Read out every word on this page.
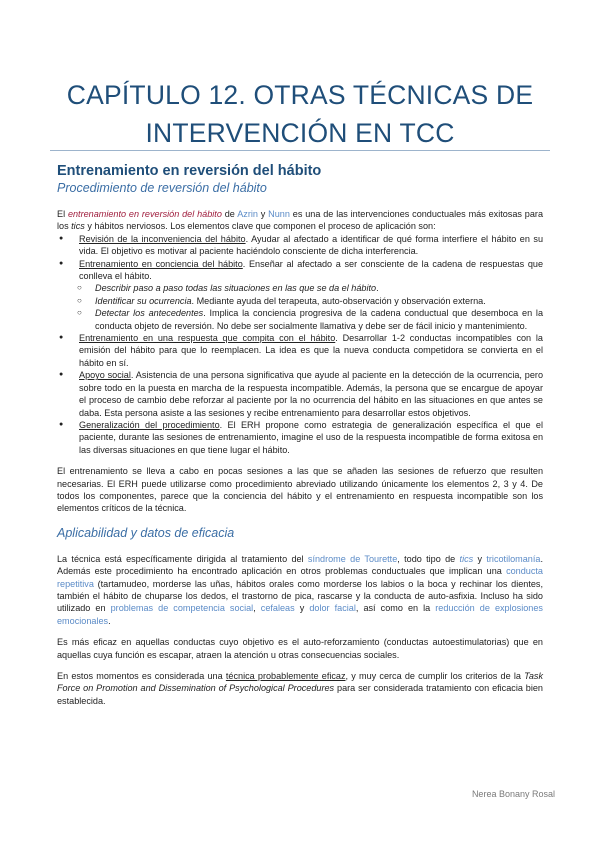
CAPÍTULO 12. OTRAS TÉCNICAS DE INTERVENCIÓN EN TCC
Entrenamiento en reversión del hábito
Procedimiento de reversión del hábito

El entrenamiento en reversión del hábito de Azrin y Nunn es una de las intervenciones conductuales más exitosas para los tics y hábitos nerviosos. Los elementos clave que componen el proceso de aplicación son:

● Revisión de la inconveniencia del hábito. Ayudar al afectado a identificar de qué forma interfiere el hábito en su vida. El objetivo es motivar al paciente haciéndolo consciente de dicha interferencia.
● Entrenamiento en conciencia del hábito. Enseñar al afectado a ser consciente de la cadena de respuestas que conlleva el hábito.
○ Describir paso a paso todas las situaciones en las que se da el hábito.
○ Identificar su ocurrencia. Mediante ayuda del terapeuta, auto-observación y observación externa.
○ Detectar los antecedentes. Implica la conciencia progresiva de la cadena conductual que desemboca en la conducta objeto de reversión. No debe ser socialmente llamativa y debe ser de fácil inicio y mantenimiento.
● Entrenamiento en una respuesta que compita con el hábito. Desarrollar 1-2 conductas incompatibles con la emisión del hábito para que lo reemplacen. La idea es que la nueva conducta competidora se convierta en el hábito en sí.
● Apoyo social. Asistencia de una persona significativa que ayude al paciente en la detección de la ocurrencia, pero sobre todo en la puesta en marcha de la respuesta incompatible. Además, la persona que se encargue de apoyar el proceso de cambio debe reforzar al paciente por la no ocurrencia del hábito en las situaciones en que antes se daba. Esta persona asiste a las sesiones y recibe entrenamiento para desarrollar estos objetivos.
● Generalización del procedimiento. El ERH propone como estrategia de generalización específica el que el paciente, durante las sesiones de entrenamiento, imagine el uso de la respuesta incompatible de forma exitosa en las diversas situaciones en que tiene lugar el hábito.

El entrenamiento se lleva a cabo en pocas sesiones a las que se añaden las sesiones de refuerzo que resulten necesarias. El ERH puede utilizarse como procedimiento abreviado utilizando únicamente los elementos 2, 3 y 4. De todos los componentes, parece que la conciencia del hábito y el entrenamiento en respuesta incompatible son los elementos críticos de la técnica.

Aplicabilidad y datos de eficacia

La técnica está específicamente dirigida al tratamiento del síndrome de Tourette, todo tipo de tics y tricotilomanía. Además este procedimiento ha encontrado aplicación en otros problemas conductuales que implican una conducta repetitiva (tartamudeo, morderse las uñas, hábitos orales como morderse los labios o la boca y rechinar los dientes, también el hábito de chuparse los dedos, el trastorno de pica, rascarse y la conducta de auto-asfixia. Incluso ha sido utilizado en problemas de competencia social, cefaleas y dolor facial, así como en la reducción de explosiones emocionales.

Es más eficaz en aquellas conductas cuyo objetivo es el auto-reforzamiento (conductas autoestimulatorias) que en aquellas cuya función es escapar, atraen la atención u otras consecuencias sociales.

En estos momentos es considerada una técnica probablemente eficaz, y muy cerca de cumplir los criterios de la Task Force on Promotion and Dissemination of Psychological Procedures para ser considerada tratamiento con eficacia bien establecida.

Nerea Bonany Rosal
